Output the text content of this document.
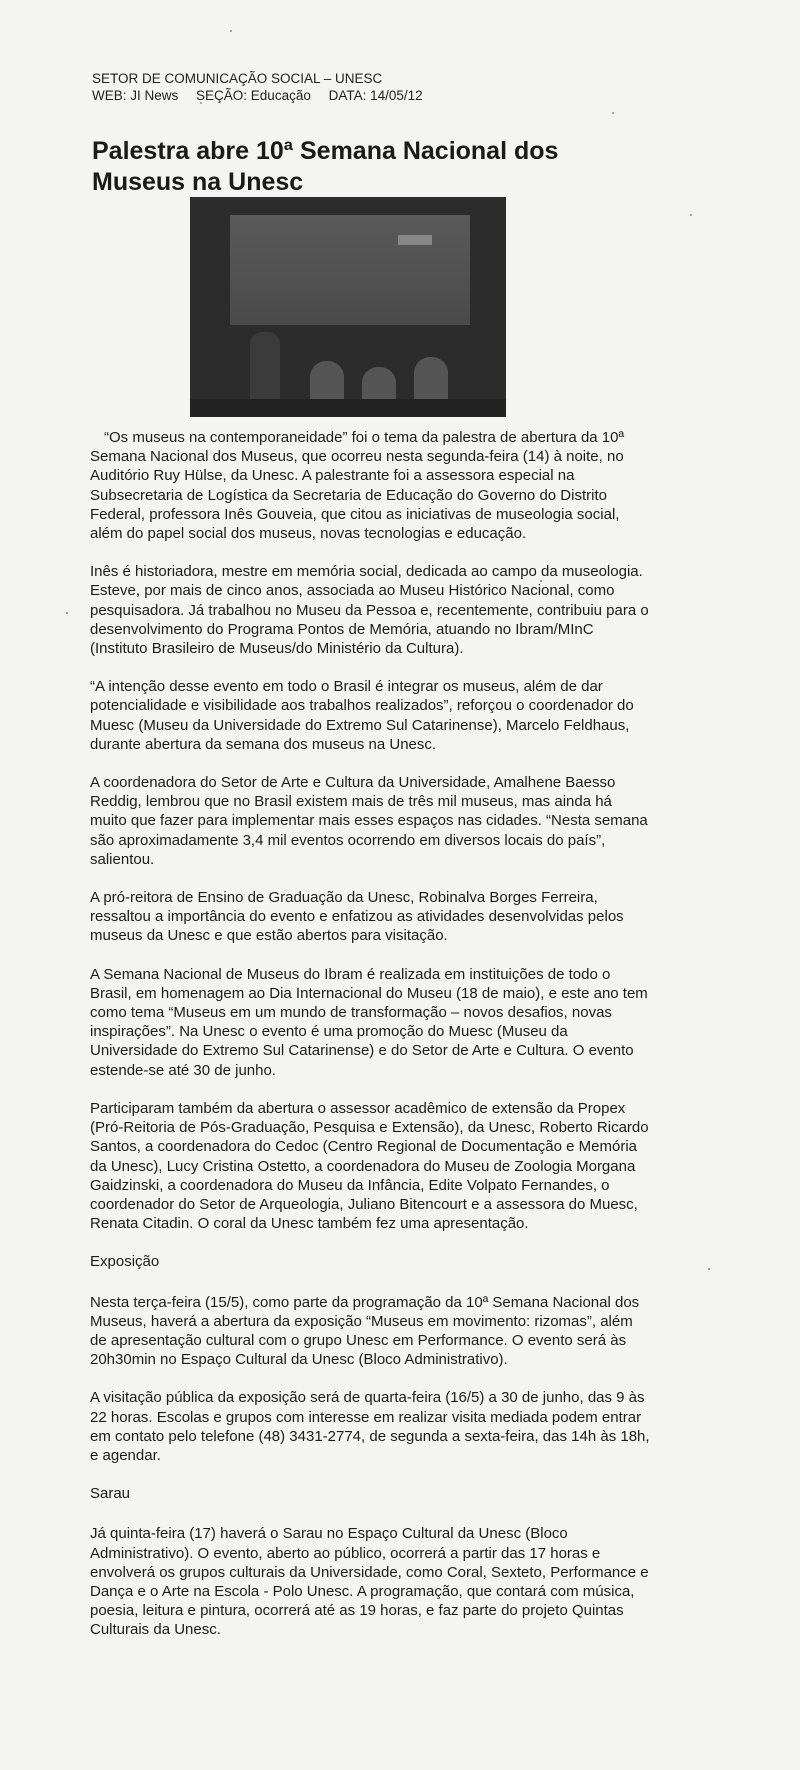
SETOR DE COMUNICAÇÃO SOCIAL – UNESC
WEB: JI News SEÇÃO: Educação DATA: 14/05/12
Palestra abre 10ª Semana Nacional dos Museus na Unesc

“Os museus na contemporaneidade” foi o tema da palestra de abertura da 10ª Semana Nacional dos Museus, que ocorreu nesta segunda-feira (14) à noite, no Auditório Ruy Hülse, da Unesc. A palestrante foi a assessora especial na Subsecretaria de Logística da Secretaria de Educação do Governo do Distrito Federal, professora Inês Gouveia, que citou as iniciativas de museologia social, além do papel social dos museus, novas tecnologias e educação.

Inês é historiadora, mestre em memória social, dedicada ao campo da museologia. Esteve, por mais de cinco anos, associada ao Museu Histórico Nacional, como pesquisadora. Já trabalhou no Museu da Pessoa e, recentemente, contribuiu para o desenvolvimento do Programa Pontos de Memória, atuando no Ibram/MInC (Instituto Brasileiro de Museus/do Ministério da Cultura).

“A intenção desse evento em todo o Brasil é integrar os museus, além de dar potencialidade e visibilidade aos trabalhos realizados”, reforçou o coordenador do Muesc (Museu da Universidade do Extremo Sul Catarinense), Marcelo Feldhaus, durante abertura da semana dos museus na Unesc.

A coordenadora do Setor de Arte e Cultura da Universidade, Amalhene Baesso Reddig, lembrou que no Brasil existem mais de três mil museus, mas ainda há muito que fazer para implementar mais esses espaços nas cidades. “Nesta semana são aproximadamente 3,4 mil eventos ocorrendo em diversos locais do país”, salientou.

A pró-reitora de Ensino de Graduação da Unesc, Robinalva Borges Ferreira, ressaltou a importância do evento e enfatizou as atividades desenvolvidas pelos museus da Unesc e que estão abertos para visitação.

A Semana Nacional de Museus do Ibram é realizada em instituições de todo o Brasil, em homenagem ao Dia Internacional do Museu (18 de maio), e este ano tem como tema “Museus em um mundo de transformação – novos desafios, novas inspirações”. Na Unesc o evento é uma promoção do Muesc (Museu da Universidade do Extremo Sul Catarinense) e do Setor de Arte e Cultura. O evento estende-se até 30 de junho.

Participaram também da abertura o assessor acadêmico de extensão da Propex (Pró-Reitoria de Pós-Graduação, Pesquisa e Extensão), da Unesc, Roberto Ricardo Santos, a coordenadora do Cedoc (Centro Regional de Documentação e Memória da Unesc), Lucy Cristina Ostetto, a coordenadora do Museu de Zoologia Morgana Gaidzinski, a coordenadora do Museu da Infância, Edite Volpato Fernandes, o coordenador do Setor de Arqueologia, Juliano Bitencourt e a assessora do Muesc, Renata Citadin. O coral da Unesc também fez uma apresentação.

Exposição

Nesta terça-feira (15/5), como parte da programação da 10ª Semana Nacional dos Museus, haverá a abertura da exposição “Museus em movimento: rizomas”, além de apresentação cultural com o grupo Unesc em Performance. O evento será às 20h30min no Espaço Cultural da Unesc (Bloco Administrativo).

A visitação pública da exposição será de quarta-feira (16/5) a 30 de junho, das 9 às 22 horas. Escolas e grupos com interesse em realizar visita mediada podem entrar em contato pelo telefone (48) 3431-2774, de segunda a sexta-feira, das 14h às 18h, e agendar.

Sarau

Já quinta-feira (17) haverá o Sarau no Espaço Cultural da Unesc (Bloco Administrativo). O evento, aberto ao público, ocorrerá a partir das 17 horas e envolverá os grupos culturais da Universidade, como Coral, Sexteto, Performance e Dança e o Arte na Escola - Polo Unesc. A programação, que contará com música, poesia, leitura e pintura, ocorrerá até as 19 horas, e faz parte do projeto Quintas Culturais da Unesc.
